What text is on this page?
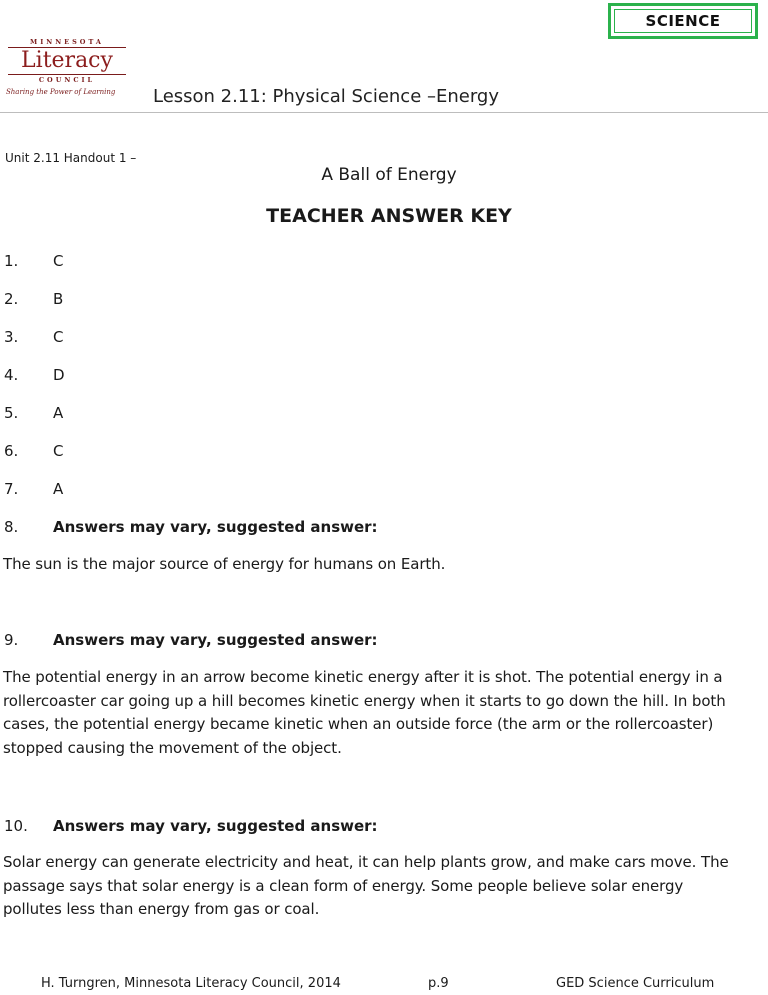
SCIENCE
MINNESOTA
Literacy
COUNCIL
Sharing the Power of Learning	Lesson 2.11: Physical Science –Energy
Unit 2.11 Handout 1 –
A Ball of Energy
TEACHER ANSWER KEY
1.	C
2.	B
3.	C
4.	D
5.	A
6.	C
7.	A
8.	Answers may vary, suggested answer:
The sun is the major source of energy for humans on Earth.
9.	Answers may vary, suggested answer:
The potential energy in an arrow become kinetic energy after it is shot. The potential energy in a rollercoaster car going up a hill becomes kinetic energy when it starts to go down the hill. In both cases, the potential energy became kinetic when an outside force (the arm or the rollercoaster) stopped causing the movement of the object.
10.	Answers may vary, suggested answer:
Solar energy can generate electricity and heat, it can help plants grow, and make cars move. The passage says that solar energy is a clean form of energy. Some people believe solar energy pollutes less than energy from gas or coal.
H. Turngren, Minnesota Literacy Council, 2014	p.9	GED Science Curriculum
